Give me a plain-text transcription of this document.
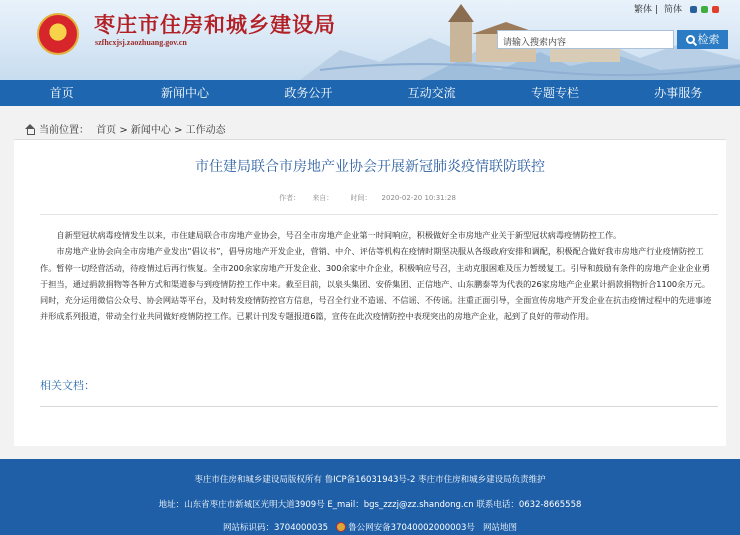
★	枣庄市住房和城乡建设局
szfhcxjsj.zaozhuang.gov.cn
繁体 | 简体
请输入搜索内容	检索
首页	新闻中心	政务公开	互动交流	专题专栏	办事服务
当前位置： 首页 > 新闻中心 > 工作动态
市住建局联合市房地产业协会开展新冠肺炎疫情联防联控
作者： 来自： 时间： 2020-02-20 10:31:28

自新型冠状病毒疫情发生以来，市住建局联合市房地产业协会，号召全市房地产企业第一时间响应，积极做好全市房地产业关于新型冠状病毒疫情防控工作。

市房地产业协会向全市房地产业发出“倡议书”，倡导房地产开发企业，营销、中介、评估等机构在疫情时期坚决服从各级政府安排和调配，积极配合做好我市房地产行业疫情防控工作。暂停一切经营活动，待疫情过后再行恢复。全市200余家房地产开发企业、300余家中介企业，积极响应号召，主动克服困难及压力暂缓复工。引导和鼓励有条件的房地产企业企业勇于担当，通过捐款捐物等各种方式和渠道参与到疫情防控工作中来。截至目前，以泉头集团、安侨集团、正信地产、山东鹏泰等为代表的26家房地产企业累计捐款捐物折合1100余万元。同时，充分运用微信公众号、协会网站等平台，及时转发疫情防控官方信息，号召全行业不造谣、不信谣、不传谣。注重正面引导，全面宣传房地产开发企业在抗击疫情过程中的先进事迹并形成系列报道，带动全行业共同做好疫情防控工作。已累计刊发专题报道6篇，宣传在此次疫情防控中表现突出的房地产企业，起到了良好的带动作用。

相关文档：
枣庄市住房和城乡建设局版权所有 鲁ICP备16031943号-2 枣庄市住房和城乡建设局负责维护
地址：山东省枣庄市新城区光明大道3909号 E_mail：bgs_zzzj@zz.shandong.cn 联系电话：0632-8665558
网站标识码：3704000035 鲁公网安备37040002000003号 网站地图
